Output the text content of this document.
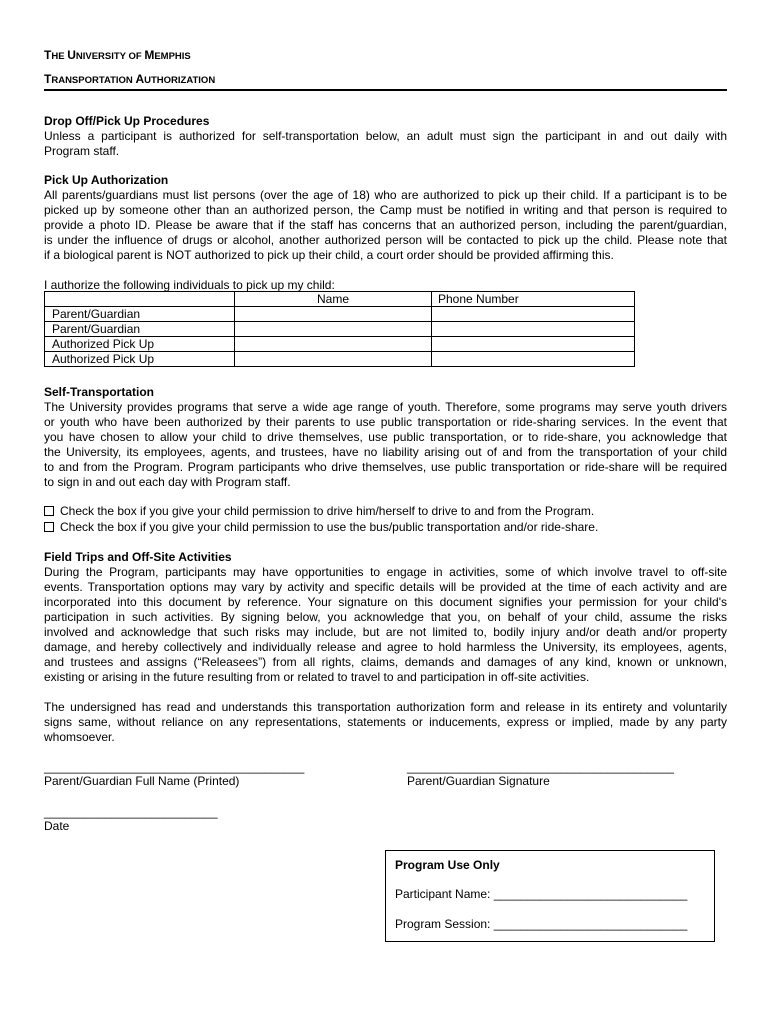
THE UNIVERSITY OF MEMPHIS
TRANSPORTATION AUTHORIZATION
Drop Off/Pick Up Procedures
Unless a participant is authorized for self-transportation below, an adult must sign the participant in and out daily with
Program staff.
Pick Up Authorization
All parents/guardians must list persons (over the age of 18) who are authorized to pick up their child. If a participant is to be
picked up by someone other than an authorized person, the Camp must be notified in writing and that person is required to
provide a photo ID. Please be aware that if the staff has concerns that an authorized person, including the parent/guardian,
is under the influence of drugs or alcohol, another authorized person will be contacted to pick up the child. Please note that
if a biological parent is NOT authorized to pick up their child, a court order should be provided affirming this.
I authorize the following individuals to pick up my child:
	Name	Phone Number
Parent/Guardian		
Parent/Guardian		
Authorized Pick Up		
Authorized Pick Up		
Self-Transportation
The University provides programs that serve a wide age range of youth. Therefore, some programs may serve youth drivers
or youth who have been authorized by their parents to use public transportation or ride-sharing services. In the event that
you have chosen to allow your child to drive themselves, use public transportation, or to ride-share, you acknowledge that
the University, its employees, agents, and trustees, have no liability arising out of and from the transportation of your child
to and from the Program. Program participants who drive themselves, use public transportation or ride-share will be required
to sign in and out each day with Program staff.
Check the box if you give your child permission to drive him/herself to drive to and from the Program.
Check the box if you give your child permission to use the bus/public transportation and/or ride-share.
Field Trips and Off-Site Activities
During the Program, participants may have opportunities to engage in activities, some of which involve travel to off-site
events. Transportation options may vary by activity and specific details will be provided at the time of each activity and are
incorporated into this document by reference. Your signature on this document signifies your permission for your child's
participation in such activities. By signing below, you acknowledge that you, on behalf of your child, assume the risks
involved and acknowledge that such risks may include, but are not limited to, bodily injury and/or death and/or property
damage, and hereby collectively and individually release and agree to hold harmless the University, its employees, agents,
and trustees and assigns (“Releasees”) from all rights, claims, demands and damages of any kind, known or unknown,
existing or arising in the future resulting from or related to travel to and participation in off-site activities.
The undersigned has read and understands this transportation authorization form and release in its entirety and voluntarily
signs same, without reliance on any representations, statements or inducements, express or implied, made by any party
whomsoever.
_______________________________________
Parent/Guardian Full Name (Printed)
________________________________________
Parent/Guardian Signature
__________________________
Date
Program Use Only
Participant Name: _____________________________
Program Session: _____________________________
